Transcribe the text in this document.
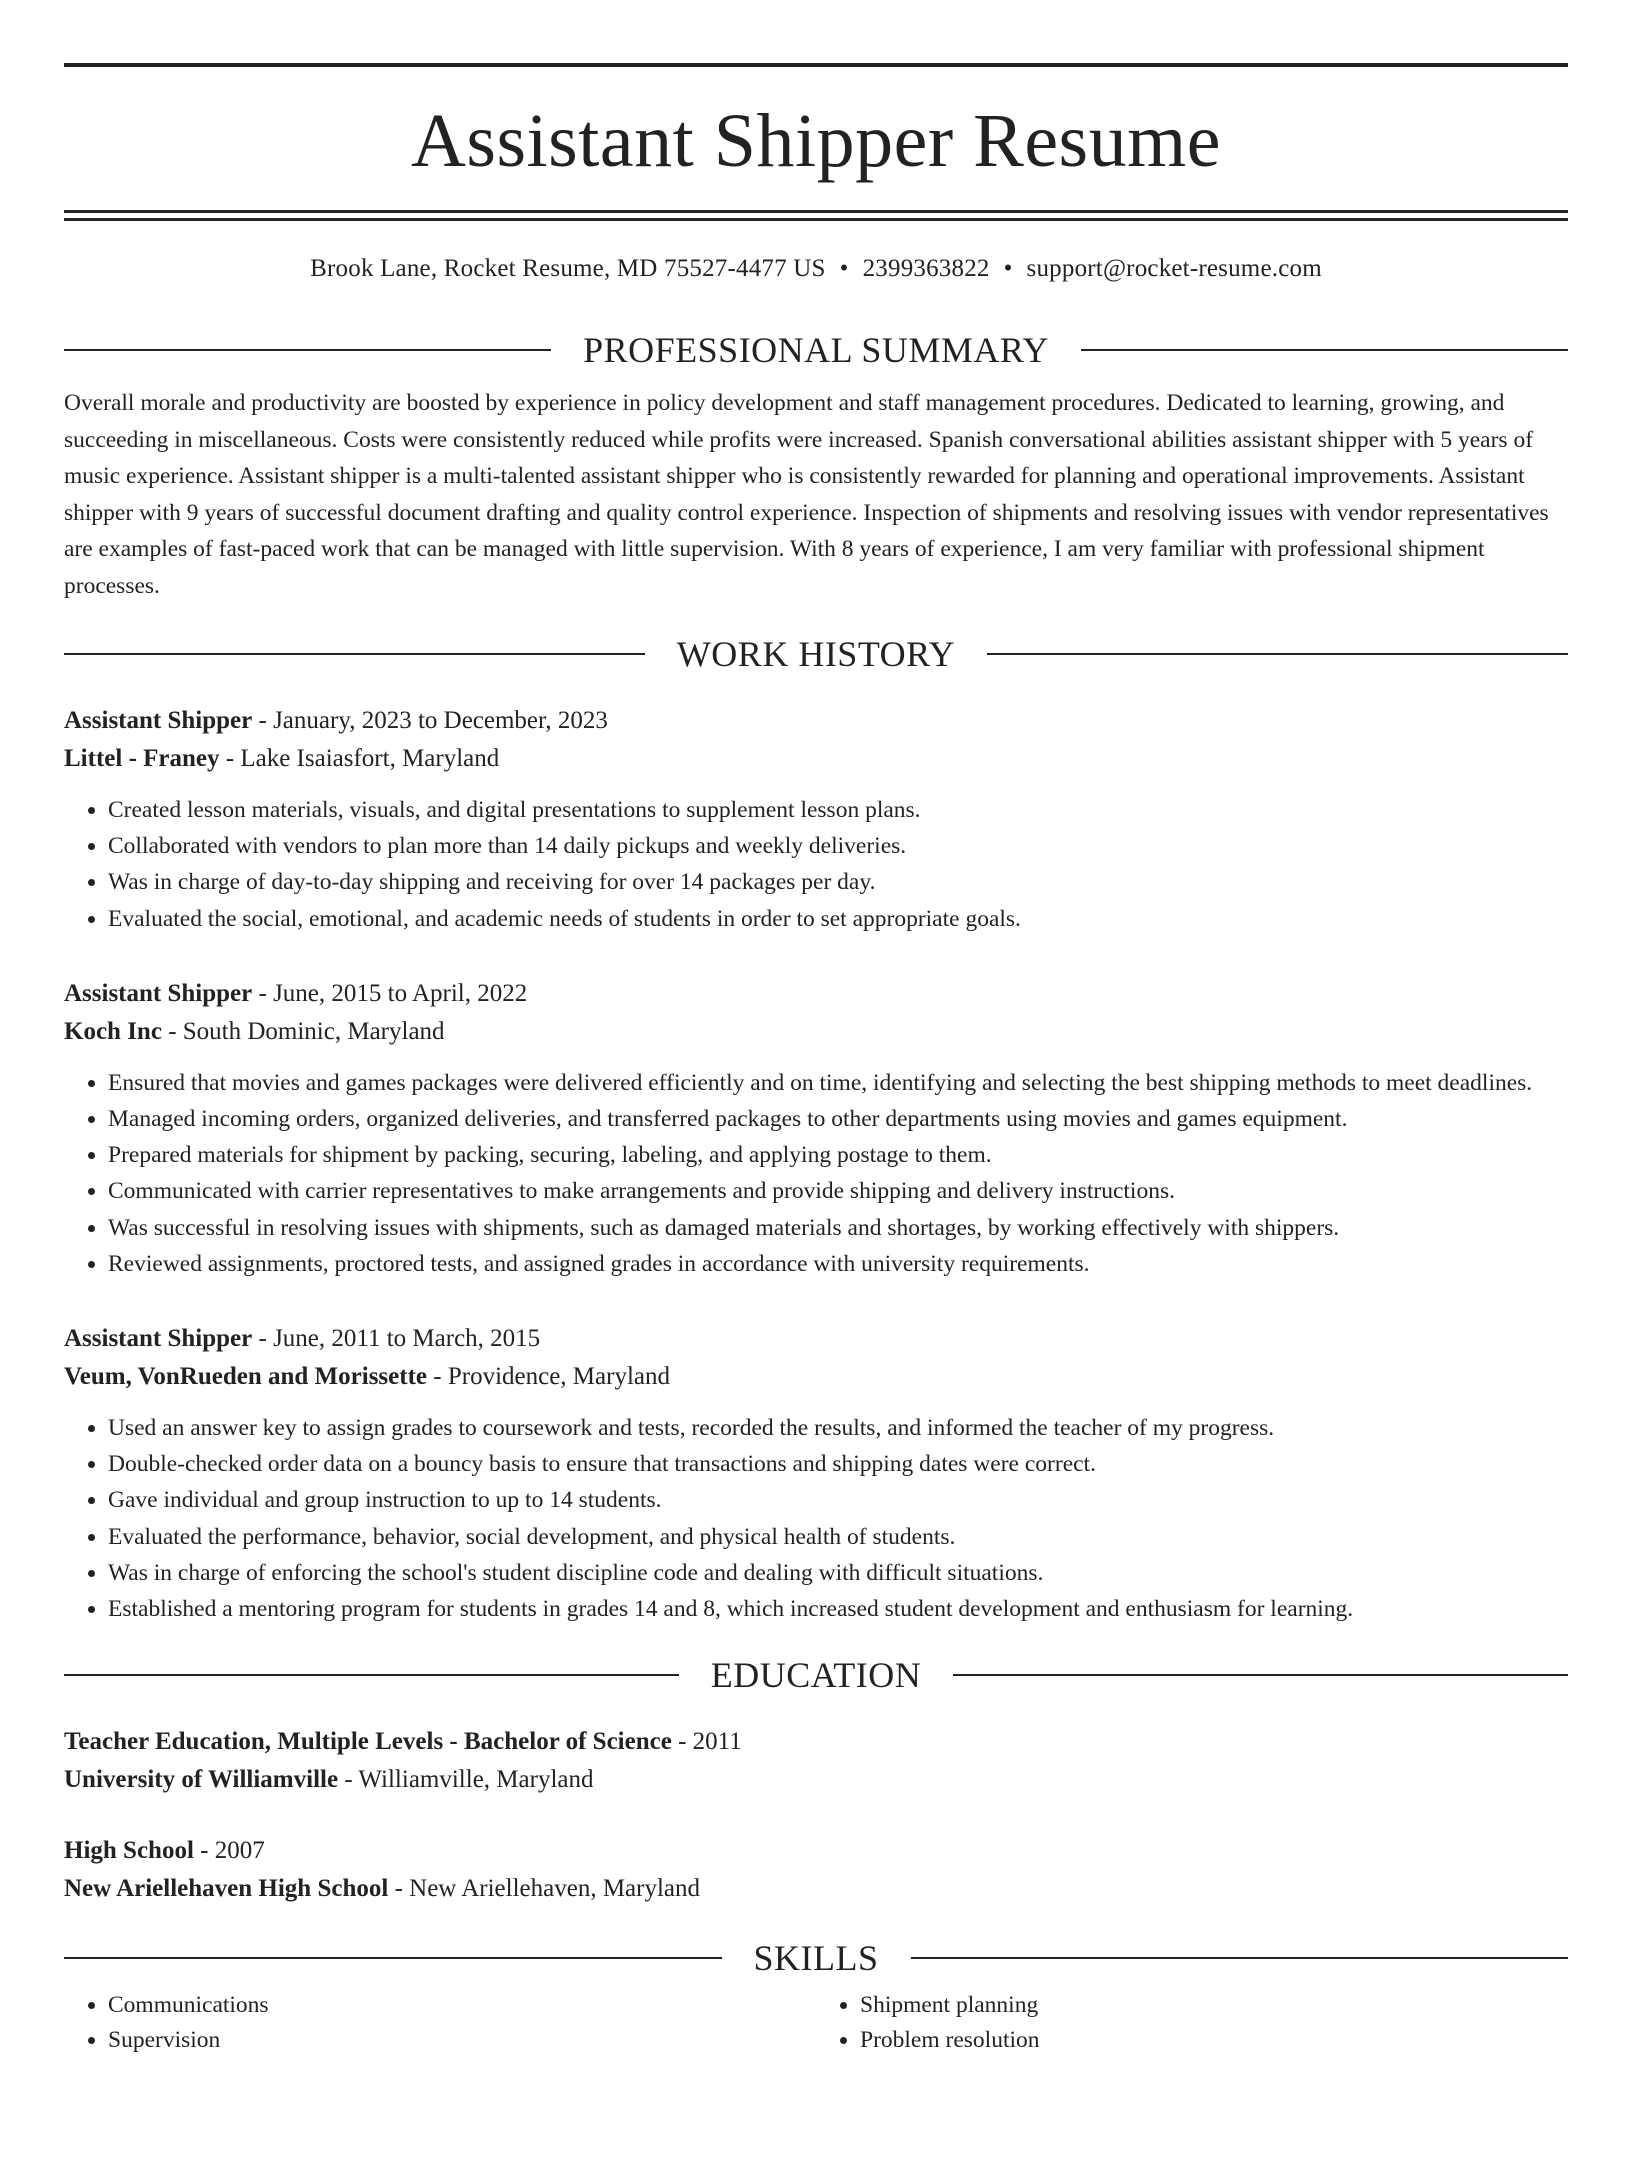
Assistant Shipper Resume
Brook Lane, Rocket Resume, MD 75527-4477 US • 2399363822 • support@rocket-resume.com
PROFESSIONAL SUMMARY

Overall morale and productivity are boosted by experience in policy development and staff management procedures. Dedicated to learning, growing, and succeeding in miscellaneous. Costs were consistently reduced while profits were increased. Spanish conversational abilities assistant shipper with 5 years of music experience. Assistant shipper is a multi-talented assistant shipper who is consistently rewarded for planning and operational improvements. Assistant shipper with 9 years of successful document drafting and quality control experience. Inspection of shipments and resolving issues with vendor representatives are examples of fast-paced work that can be managed with little supervision. With 8 years of experience, I am very familiar with professional shipment processes.

WORK HISTORY
Assistant Shipper - January, 2023 to December, 2023
Littel - Franey - Lake Isaiasfort, Maryland
• Created lesson materials, visuals, and digital presentations to supplement lesson plans.
• Collaborated with vendors to plan more than 14 daily pickups and weekly deliveries.
• Was in charge of day-to-day shipping and receiving for over 14 packages per day.
• Evaluated the social, emotional, and academic needs of students in order to set appropriate goals.
Assistant Shipper - June, 2015 to April, 2022
Koch Inc - South Dominic, Maryland
• Ensured that movies and games packages were delivered efficiently and on time, identifying and selecting the best shipping methods to meet deadlines.
• Managed incoming orders, organized deliveries, and transferred packages to other departments using movies and games equipment.
• Prepared materials for shipment by packing, securing, labeling, and applying postage to them.
• Communicated with carrier representatives to make arrangements and provide shipping and delivery instructions.
• Was successful in resolving issues with shipments, such as damaged materials and shortages, by working effectively with shippers.
• Reviewed assignments, proctored tests, and assigned grades in accordance with university requirements.
Assistant Shipper - June, 2011 to March, 2015
Veum, VonRueden and Morissette - Providence, Maryland
• Used an answer key to assign grades to coursework and tests, recorded the results, and informed the teacher of my progress.
• Double-checked order data on a bouncy basis to ensure that transactions and shipping dates were correct.
• Gave individual and group instruction to up to 14 students.
• Evaluated the performance, behavior, social development, and physical health of students.
• Was in charge of enforcing the school's student discipline code and dealing with difficult situations.
• Established a mentoring program for students in grades 14 and 8, which increased student development and enthusiasm for learning.
EDUCATION
Teacher Education, Multiple Levels - Bachelor of Science - 2011
University of Williamville - Williamville, Maryland
High School - 2007
New Ariellehaven High School - New Ariellehaven, Maryland
SKILLS
• Communications
• Supervision
• Shipment planning
• Problem resolution
